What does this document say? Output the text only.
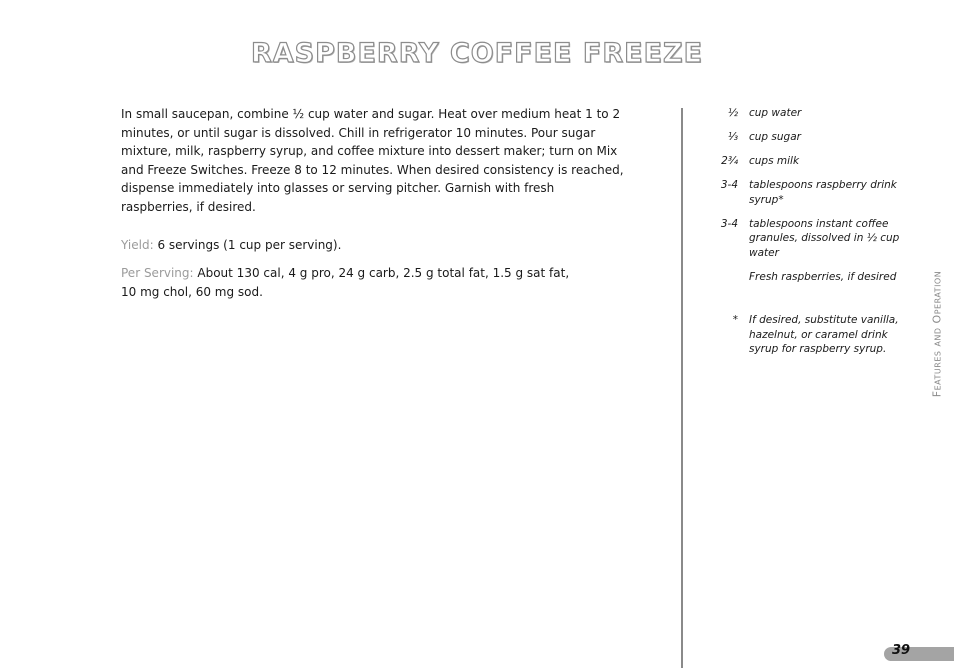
RASPBERRY COFFEE FREEZE

In small saucepan, combine ½ cup water and sugar. Heat over medium heat 1 to 2 minutes, or until sugar is dissolved. Chill in refrigerator 10 minutes. Pour sugar mixture, milk, raspberry syrup, and coffee mixture into dessert maker; turn on Mix and Freeze Switches. Freeze 8 to 12 minutes. When desired consistency is reached, dispense immediately into glasses or serving pitcher. Garnish with fresh raspberries, if desired.

Yield: 6 servings (1 cup per serving).

Per Serving: About 130 cal, 4 g pro, 24 g carb, 2.5 g total fat, 1.5 g sat fat, 10 mg chol, 60 mg sod.

½	cup water
⅓	cup sugar
2¾	cups milk
3-4	tablespoons raspberry drink syrup*
3-4	tablespoons instant coffee granules, dissolved in ½ cup water
Fresh raspberries, if desired
*	If desired, substitute vanilla, hazelnut, or caramel drink syrup for raspberry syrup.	Features and Operation
39
